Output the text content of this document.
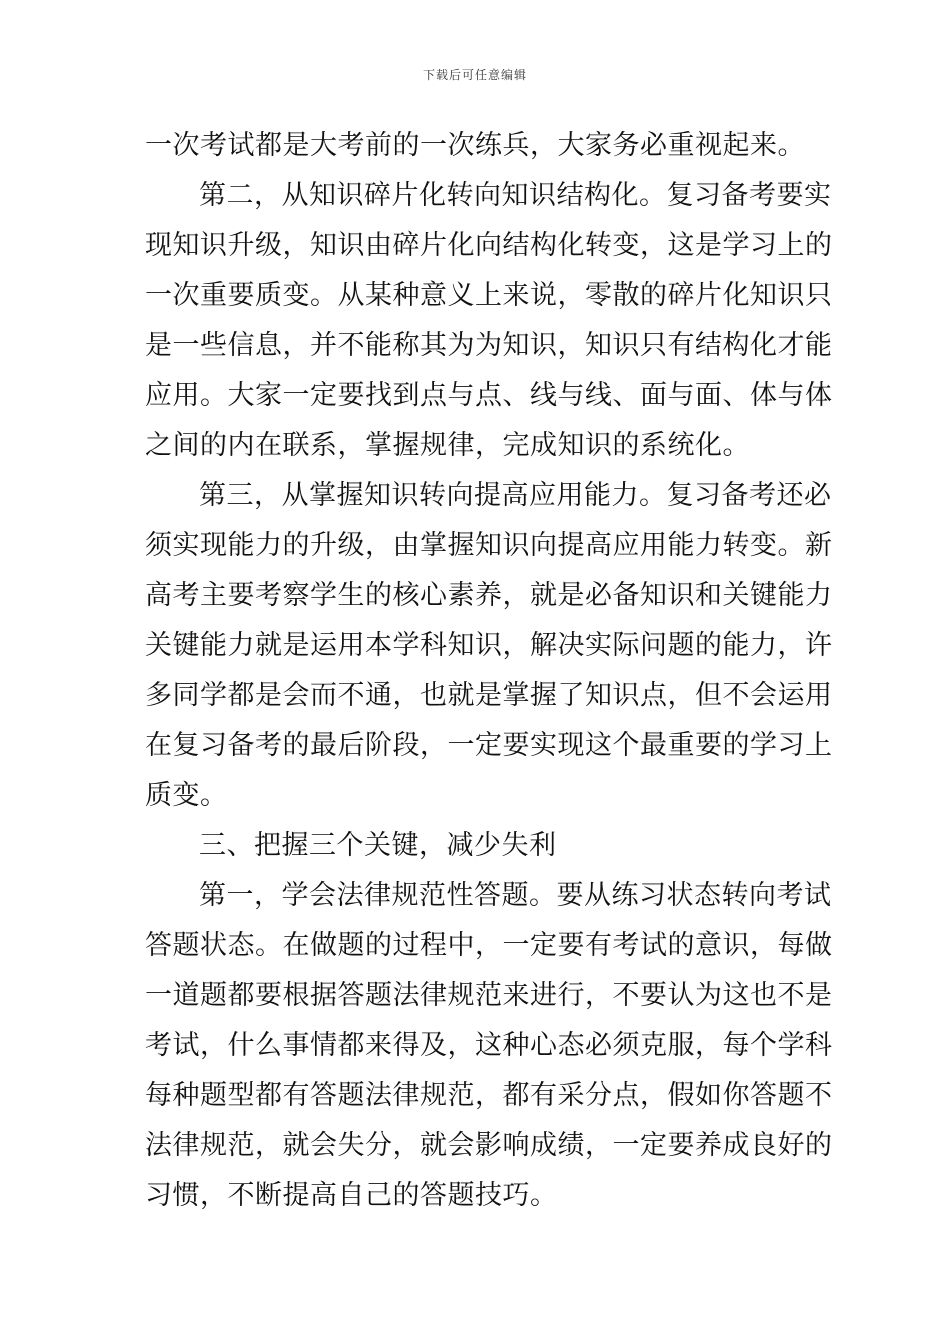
下载后可任意编辑
一次考试都是大考前的一次练兵，大家务必重视起来。
第二，从知识碎片化转向知识结构化。复习备考要实
现知识升级，知识由碎片化向结构化转变，这是学习上的
一次重要质变。从某种意义上来说，零散的碎片化知识只
是一些信息，并不能称其为为知识，知识只有结构化才能
应用。大家一定要找到点与点、线与线、面与面、体与体
之间的内在联系，掌握规律，完成知识的系统化。
第三，从掌握知识转向提高应用能力。复习备考还必
须实现能力的升级，由掌握知识向提高应用能力转变。新
高考主要考察学生的核心素养，就是必备知识和关键能力
关键能力就是运用本学科知识，解决实际问题的能力，许
多同学都是会而不通，也就是掌握了知识点，但不会运用
在复习备考的最后阶段，一定要实现这个最重要的学习上
质变。
三、把握三个关键，减少失利
第一，学会法律规范性答题。要从练习状态转向考试
答题状态。在做题的过程中，一定要有考试的意识，每做
一道题都要根据答题法律规范来进行，不要认为这也不是
考试，什么事情都来得及，这种心态必须克服，每个学科
每种题型都有答题法律规范，都有采分点，假如你答题不
法律规范，就会失分，就会影响成绩，一定要养成良好的
习惯，不断提高自己的答题技巧。
